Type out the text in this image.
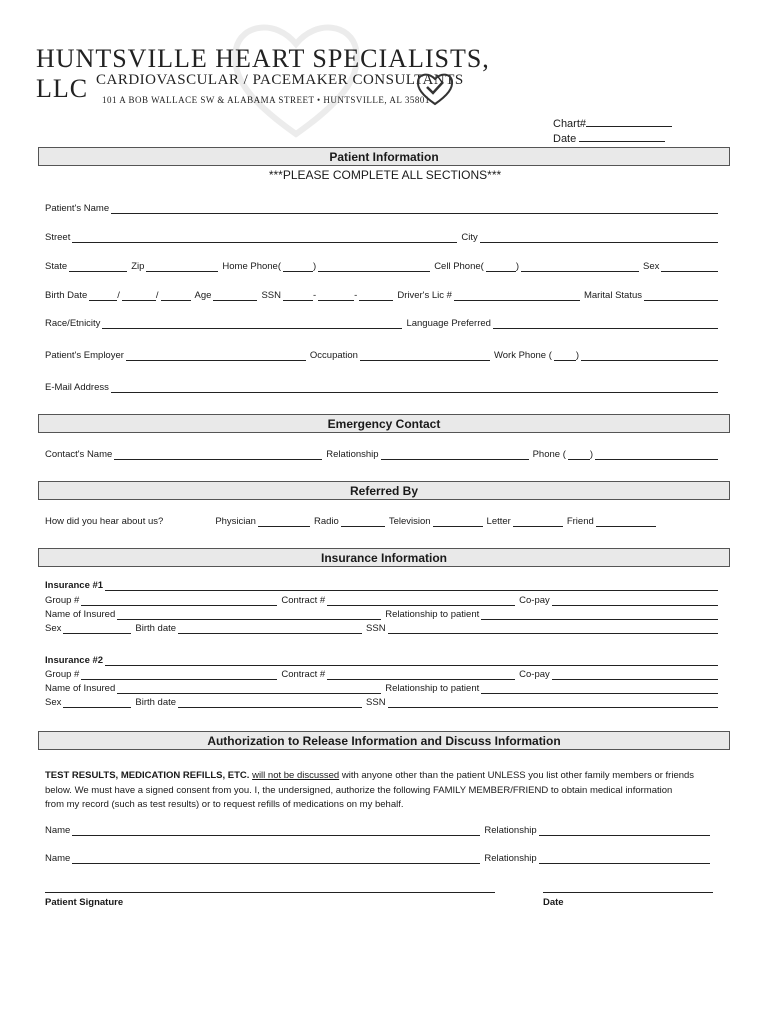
HUNTSVILLE HEART SPECIALISTS, LLC CARDIOVASCULAR / PACEMAKER CONSULTANTS
101 A BOB WALLACE SW & ALABAMA STREET • HUNTSVILLE, AL 35801
Chart#
Date
Patient Information
***PLEASE COMPLETE ALL SECTIONS***
Patient's Name
Street	City
State	Zip	Home Phone(	)	Cell Phone(	)	Sex
Birth Date	/	/	Age	SSN	-	-	Driver's Lic #	Marital Status
Race/Etnicity	Language Preferred
Patient's Employer	Occupation	Work Phone (	)
E-Mail Address
Emergency Contact
Contact's Name	Relationship	Phone (	)
Referred By
How did you hear about us?	Physician	Radio	Television	Letter	Friend
Insurance Information
Insurance #1
Group #	Contract #	Co-pay
Name of Insured	Relationship to patient
Sex	Birth date	SSN
Insurance #2
Group #	Contract #	Co-pay
Name of Insured	Relationship to patient
Sex	Birth date	SSN
Authorization to Release Information and Discuss Information
TEST RESULTS, MEDICATION REFILLS, ETC. will not be discussed with anyone other than the patient UNLESS you list other family members or friends
below. We must have a signed consent from you. I, the undersigned, authorize the following FAMILY MEMBER/FRIEND to obtain medical information
from my record (such as test results) or to request refills of medications on my behalf.
Name	Relationship
Name	Relationship
Patient Signature	Date
